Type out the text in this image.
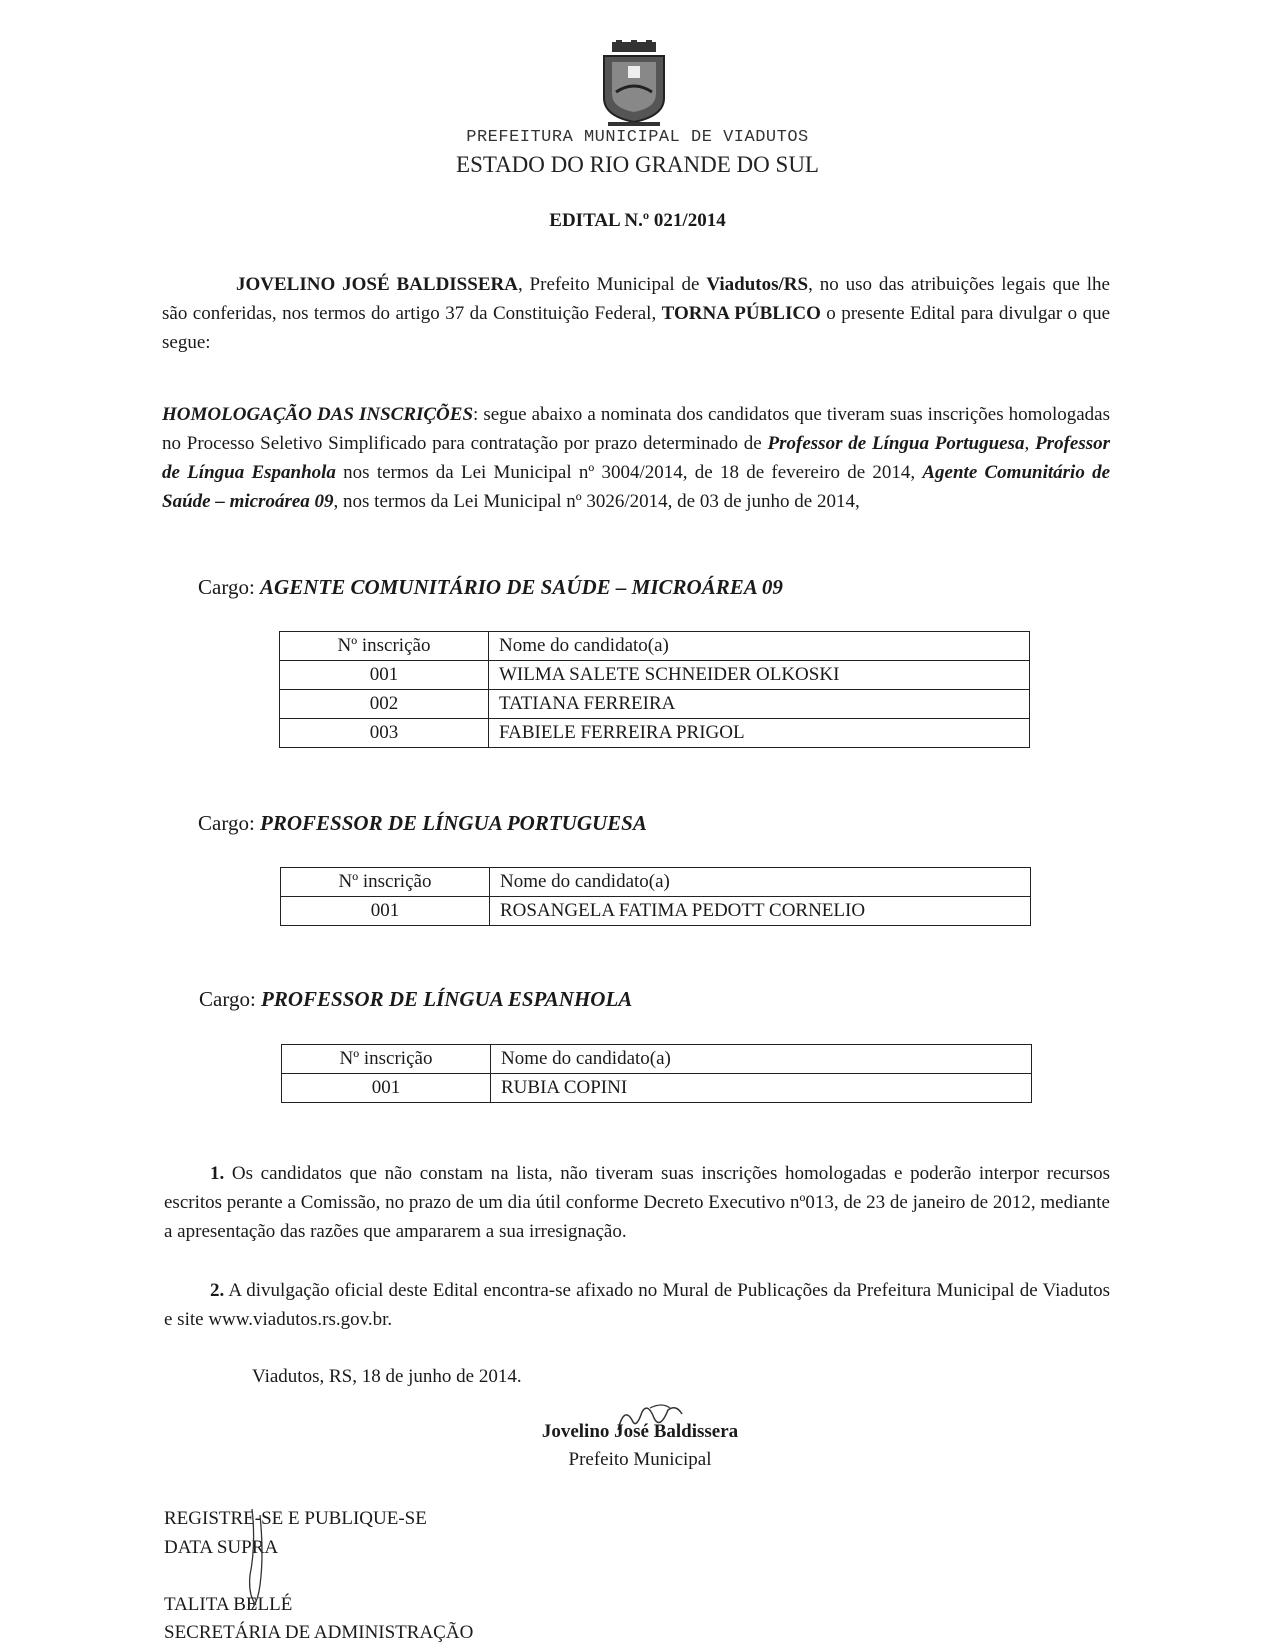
PREFEITURA MUNICIPAL DE VIADUTOS
ESTADO DO RIO GRANDE DO SUL
EDITAL N.º 021/2014
JOVELINO JOSÉ BALDISSERA, Prefeito Municipal de Viadutos/RS, no uso das atribuições legais que lhe são conferidas, nos termos do artigo 37 da Constituição Federal, TORNA PÚBLICO o presente Edital para divulgar o que segue:
HOMOLOGAÇÃO DAS INSCRIÇÕES: segue abaixo a nominata dos candidatos que tiveram suas inscrições homologadas no Processo Seletivo Simplificado para contratação por prazo determinado de Professor de Língua Portuguesa, Professor de Língua Espanhola nos termos da Lei Municipal nº 3004/2014, de 18 de fevereiro de 2014, Agente Comunitário de Saúde – microárea 09, nos termos da Lei Municipal nº 3026/2014, de 03 de junho de 2014,
Cargo: AGENTE COMUNITÁRIO DE SAÚDE – MICROÁREA 09
Nº inscrição	Nome do candidato(a)
001	WILMA SALETE SCHNEIDER OLKOSKI
002	TATIANA FERREIRA
003	FABIELE FERREIRA PRIGOL
Cargo: PROFESSOR DE LÍNGUA PORTUGUESA
Nº inscrição	Nome do candidato(a)
001	ROSANGELA FATIMA PEDOTT CORNELIO
Cargo: PROFESSOR DE LÍNGUA ESPANHOLA
Nº inscrição	Nome do candidato(a)
001	RUBIA COPINI
1. Os candidatos que não constam na lista, não tiveram suas inscrições homologadas e poderão interpor recursos escritos perante a Comissão, no prazo de um dia útil conforme Decreto Executivo nº013, de 23 de janeiro de 2012, mediante a apresentação das razões que ampararem a sua irresignação.
2. A divulgação oficial deste Edital encontra-se afixado no Mural de Publicações da Prefeitura Municipal de Viadutos e site www.viadutos.rs.gov.br.
Viadutos, RS, 18 de junho de 2014.
Jovelino José Baldissera
Prefeito Municipal
REGISTRE-SE E PUBLIQUE-SE
DATA SUPRA
TALITA BELLÉ
SECRETÁRIA DE ADMINISTRAÇÃO
